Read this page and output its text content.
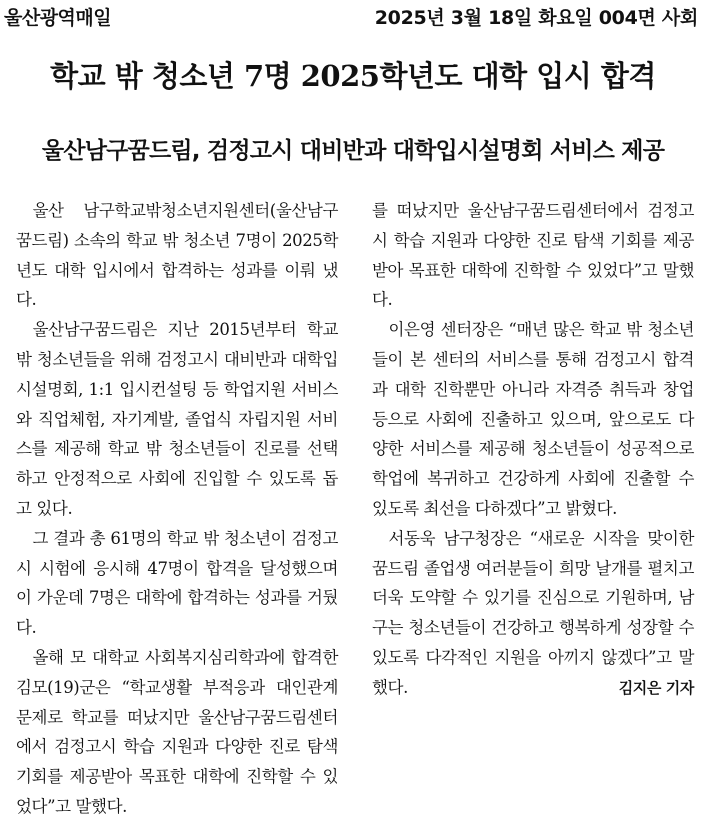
울산광역매일	2025년 3월 18일 화요일 004면 사회
학교 밖 청소년 7명 2025학년도 대학 입시 합격
울산남구꿈드림, 검정고시 대비반과 대학입시설명회 서비스 제공

울산 남구학교밖청소년지원센터(울산남구꿈드림) 소속의 학교 밖 청소년 7명이 2025학년도 대학 입시에서 합격하는 성과를 이뤄 냈다.

울산남구꿈드림은 지난 2015년부터 학교 밖 청소년들을 위해 검정고시 대비반과 대학입시설명회, 1:1 입시컨설팅 등 학업지원 서비스와 직업체험, 자기계발, 졸업식 자립지원 서비스를 제공해 학교 밖 청소년들이 진로를 선택하고 안정적으로 사회에 진입할 수 있도록 돕고 있다.

그 결과 총 61명의 학교 밖 청소년이 검정고시 시험에 응시해 47명이 합격을 달성했으며 이 가운데 7명은 대학에 합격하는 성과를 거뒀다.

올해 모 대학교 사회복지심리학과에 합격한 김모(19)군은 “학교생활 부적응과 대인관계 문제로 학교를 떠났지만 울산남구꿈드림센터에서 검정고시 학습 지원과 다양한 진로 탐색 기회를 제공받아 목표한 대학에 진학할 수 있었다”고 말했다.

를 떠났지만 울산남구꿈드림센터에서 검정고시 학습 지원과 다양한 진로 탐색 기회를 제공받아 목표한 대학에 진학할 수 있었다”고 말했다.

이은영 센터장은 “매년 많은 학교 밖 청소년들이 본 센터의 서비스를 통해 검정고시 합격과 대학 진학뿐만 아니라 자격증 취득과 창업 등으로 사회에 진출하고 있으며, 앞으로도 다양한 서비스를 제공해 청소년들이 성공적으로 학업에 복귀하고 건강하게 사회에 진출할 수 있도록 최선을 다하겠다”고 밝혔다.

서동욱 남구청장은 “새로운 시작을 맞이한 꿈드림 졸업생 여러분들이 희망 날개를 펼치고 더욱 도약할 수 있기를 진심으로 기원하며, 남구는 청소년들이 건강하고 행복하게 성장할 수 있도록 다각적인 지원을 아끼지 않겠다”고 말했다.	김지은 기자
